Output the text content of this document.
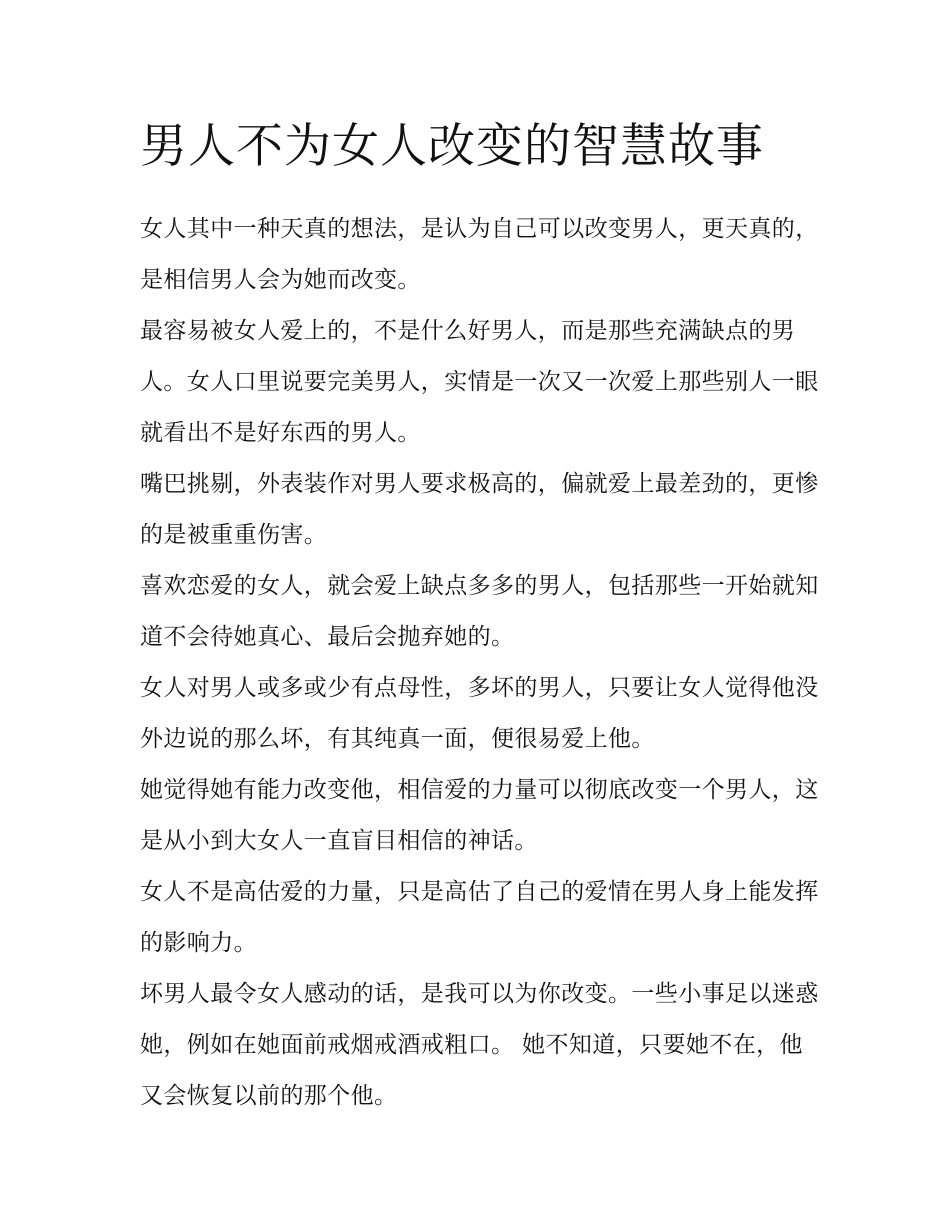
男人不为女人改变的智慧故事

女人其中一种天真的想法，是认为自己可以改变男人，更天真的，是相信男人会为她而改变。

最容易被女人爱上的，不是什么好男人，而是那些充满缺点的男人。女人口里说要完美男人，实情是一次又一次爱上那些别人一眼就看出不是好东西的男人。

嘴巴挑剔，外表装作对男人要求极高的，偏就爱上最差劲的，更惨的是被重重伤害。

喜欢恋爱的女人，就会爱上缺点多多的男人，包括那些一开始就知道不会待她真心、最后会抛弃她的。

女人对男人或多或少有点母性，多坏的男人，只要让女人觉得他没外边说的那么坏，有其纯真一面，便很易爱上他。

她觉得她有能力改变他，相信爱的力量可以彻底改变一个男人，这是从小到大女人一直盲目相信的神话。

女人不是高估爱的力量，只是高估了自己的爱情在男人身上能发挥的影响力。

坏男人最令女人感动的话，是我可以为你改变。一些小事足以迷惑她，例如在她面前戒烟戒酒戒粗口。 她不知道，只要她不在，他又会恢复以前的那个他。
